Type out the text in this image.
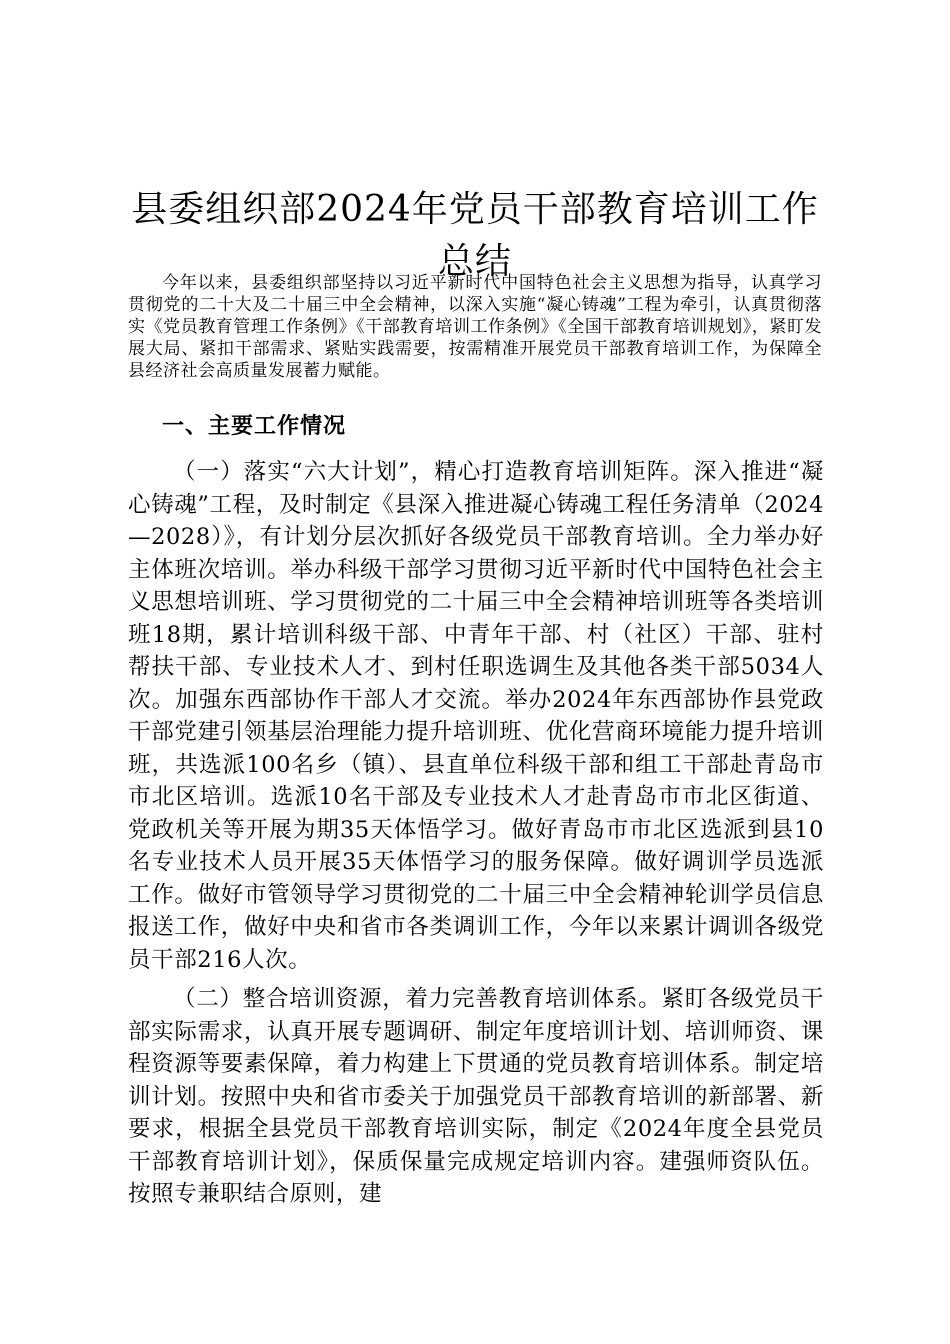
县委组织部2024年党员干部教育培训工作总结

今年以来，县委组织部坚持以习近平新时代中国特色社会主义思想为指导，认真学习贯彻党的二十大及二十届三中全会精神，以深入实施“凝心铸魂”工程为牵引，认真贯彻落实《党员教育管理工作条例》《干部教育培训工作条例》《全国干部教育培训规划》，紧盯发展大局、紧扣干部需求、紧贴实践需要，按需精准开展党员干部教育培训工作，为保障全县经济社会高质量发展蓄力赋能。

一、主要工作情况

（一）落实“六大计划”，精心打造教育培训矩阵。深入推进“凝心铸魂”工程，及时制定《县深入推进凝心铸魂工程任务清单（2024—2028）》，有计划分层次抓好各级党员干部教育培训。全力举办好主体班次培训。举办科级干部学习贯彻习近平新时代中国特色社会主义思想培训班、学习贯彻党的二十届三中全会精神培训班等各类培训班18期，累计培训科级干部、中青年干部、村（社区）干部、驻村帮扶干部、专业技术人才、到村任职选调生及其他各类干部5034人次。加强东西部协作干部人才交流。举办2024年东西部协作县党政干部党建引领基层治理能力提升培训班、优化营商环境能力提升培训班，共选派100名乡（镇）、县直单位科级干部和组工干部赴青岛市市北区培训。选派10名干部及专业技术人才赴青岛市市北区街道、党政机关等开展为期35天体悟学习。做好青岛市市北区选派到县10名专业技术人员开展35天体悟学习的服务保障。做好调训学员选派工作。做好市管领导学习贯彻党的二十届三中全会精神轮训学员信息报送工作，做好中央和省市各类调训工作，今年以来累计调训各级党员干部216人次。

（二）整合培训资源，着力完善教育培训体系。紧盯各级党员干部实际需求，认真开展专题调研、制定年度培训计划、培训师资、课程资源等要素保障，着力构建上下贯通的党员教育培训体系。制定培训计划。按照中央和省市委关于加强党员干部教育培训的新部署、新要求，根据全县党员干部教育培训实际，制定《2024年度全县党员干部教育培训计划》，保质保量完成规定培训内容。建强师资队伍。按照专兼职结合原则，建
